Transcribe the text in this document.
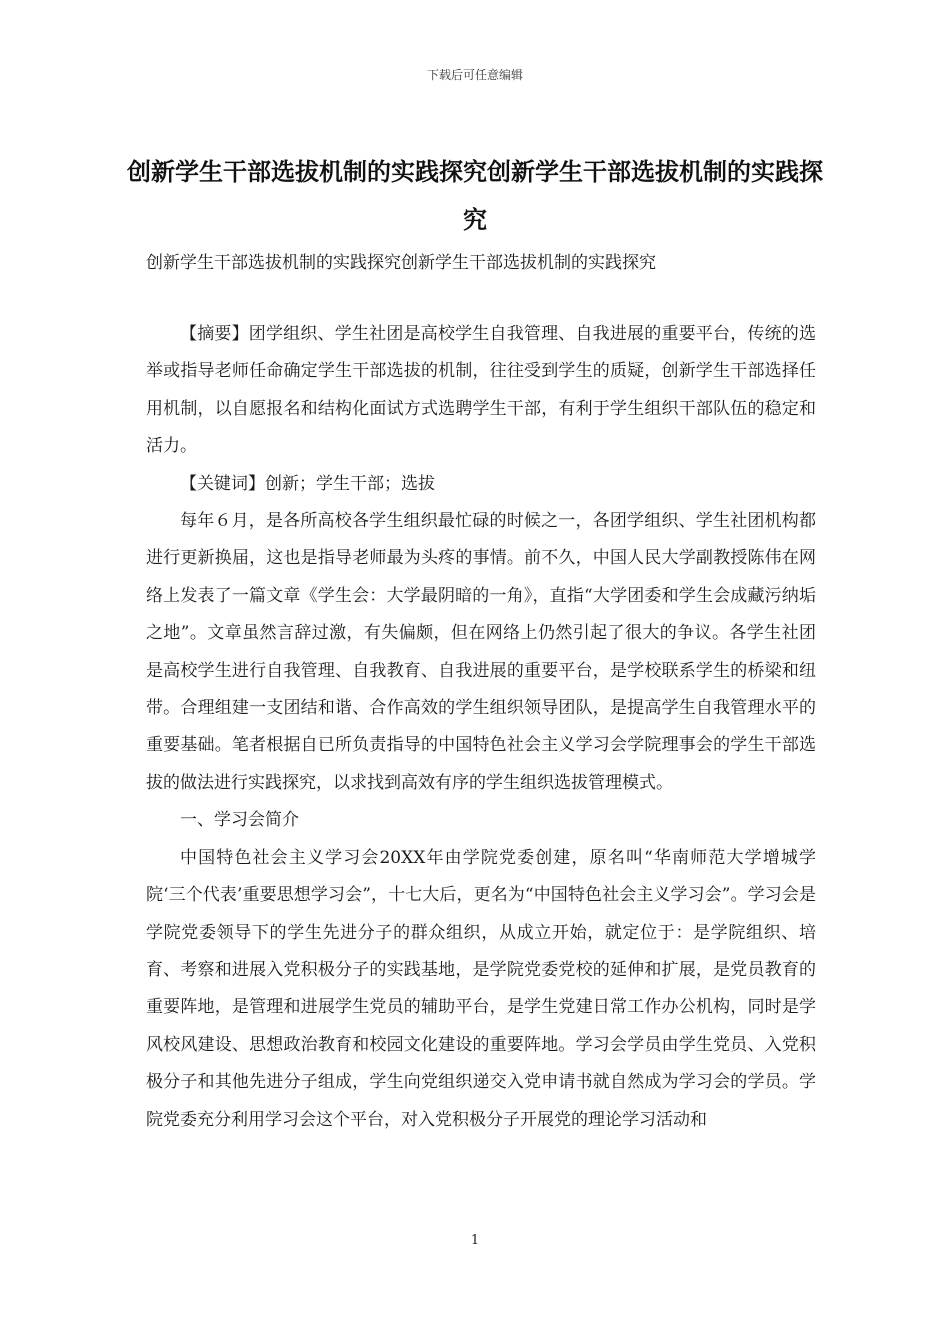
下载后可任意编辑
创新学生干部选拔机制的实践探究创新学生干部选拔机制的实践探究
创新学生干部选拔机制的实践探究创新学生干部选拔机制的实践探究

【摘要】团学组织、学生社团是高校学生自我管理、自我进展的重要平台，传统的选举或指导老师任命确定学生干部选拔的机制，往往受到学生的质疑，创新学生干部选择任用机制，以自愿报名和结构化面试方式选聘学生干部，有利于学生组织干部队伍的稳定和活力。

【关键词】创新；学生干部；选拔

每年６月，是各所高校各学生组织最忙碌的时候之一，各团学组织、学生社团机构都进行更新换届，这也是指导老师最为头疼的事情。前不久，中国人民大学副教授陈伟在网络上发表了一篇文章《学生会：大学最阴暗的一角》，直指“大学团委和学生会成藏污纳垢之地”。文章虽然言辞过激，有失偏颇，但在网络上仍然引起了很大的争议。各学生社团是高校学生进行自我管理、自我教育、自我进展的重要平台，是学校联系学生的桥梁和纽带。合理组建一支团结和谐、合作高效的学生组织领导团队，是提高学生自我管理水平的重要基础。笔者根据自已所负责指导的中国特色社会主义学习会学院理事会的学生干部选拔的做法进行实践探究，以求找到高效有序的学生组织选拔管理模式。

一、学习会简介

中国特色社会主义学习会20XX年由学院党委创建，原名叫“华南师范大学增城学院‘三个代表’重要思想学习会”，十七大后，更名为“中国特色社会主义学习会”。学习会是学院党委领导下的学生先进分子的群众组织，从成立开始，就定位于：是学院组织、培育、考察和进展入党积极分子的实践基地，是学院党委党校的延伸和扩展，是党员教育的重要阵地，是管理和进展学生党员的辅助平台，是学生党建日常工作办公机构，同时是学风校风建设、思想政治教育和校园文化建设的重要阵地。学习会学员由学生党员、入党积极分子和其他先进分子组成，学生向党组织递交入党申请书就自然成为学习会的学员。学院党委充分利用学习会这个平台，对入党积极分子开展党的理论学习活动和

1
